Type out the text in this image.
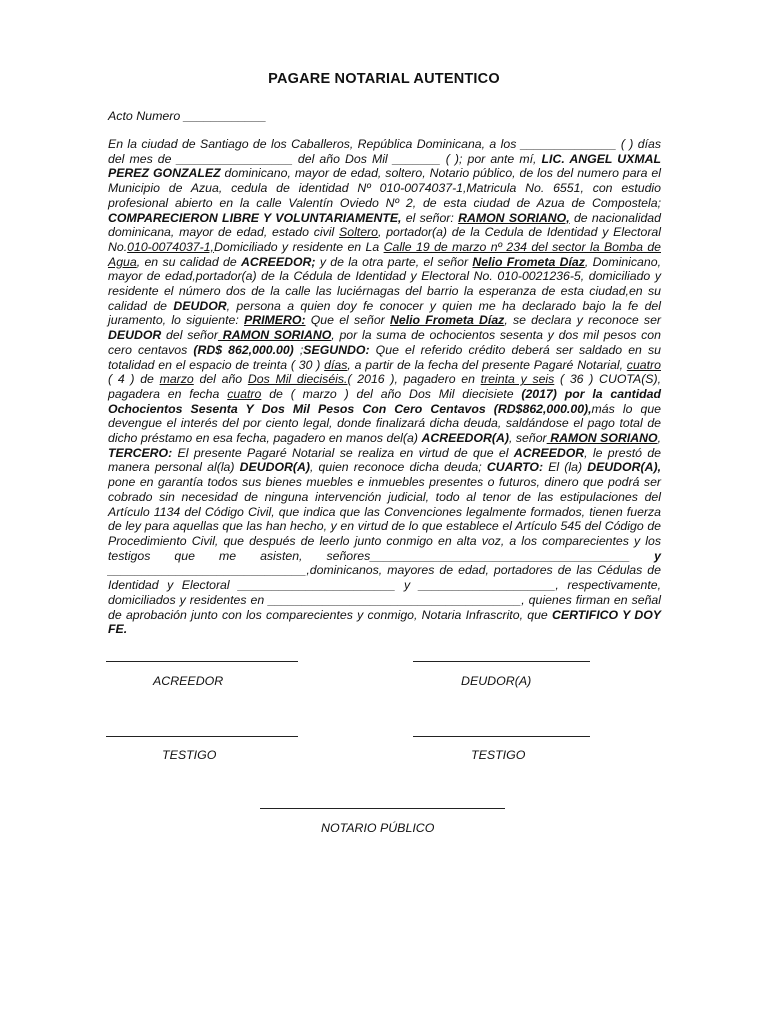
PAGARE NOTARIAL AUTENTICO
Acto Numero ____________
En la ciudad de Santiago de los Caballeros, República Dominicana, a los ______________ ( ) días del mes de _________________ del año Dos Mil _______ ( ); por ante mí, LIC. ANGEL UXMAL PEREZ GONZALEZ dominicano, mayor de edad, soltero, Notario público, de los del numero para el Municipio de Azua, cedula de identidad Nº 010-0074037-1,Matricula No. 6551, con estudio profesional abierto en la calle Valentín Oviedo Nº 2, de esta ciudad de Azua de Compostela; COMPARECIERON LIBRE Y VOLUNTARIAMENTE, el señor: RAMON SORIANO, de nacionalidad dominicana, mayor de edad, estado civil Soltero, portador(a) de la Cedula de Identidad y Electoral No.010-0074037-1,Domiciliado y residente en La Calle 19 de marzo nº 234 del sector la Bomba de Agua, en su calidad de ACREEDOR; y de la otra parte, el señor Nelio Frometa Díaz, Dominicano, mayor de edad,portador(a) de la Cédula de Identidad y Electoral No. 010-0021236-5, domiciliado y residente el número dos de la calle las luciérnagas del barrio la esperanza de esta ciudad,en su calidad de DEUDOR, persona a quien doy fe conocer y quien me ha declarado bajo la fe del juramento, lo siguiente: PRIMERO: Que el señor Nelio Frometa Díaz, se declara y reconoce ser DEUDOR del señor RAMON SORIANO, por la suma de ochocientos sesenta y dos mil pesos con cero centavos (RD$ 862,000.00) ;SEGUNDO: Que el referido crédito deberá ser saldado en su totalidad en el espacio de treinta ( 30 ) días, a partir de la fecha del presente Pagaré Notarial, cuatro ( 4 ) de marzo del año Dos Mil dieciséis.( 2016 ), pagadero en treinta y seis ( 36 ) CUOTA(S), pagadera en fecha cuatro de ( marzo ) del año Dos Mil diecisiete (2017) por la cantidad Ochocientos Sesenta Y Dos Mil Pesos Con Cero Centavos (RD$862,000.00),más lo que devengue el interés del por ciento legal, donde finalizará dicha deuda, saldándose el pago total de dicho préstamo en esa fecha, pagadero en manos del(a) ACREEDOR(A), señor RAMON SORIANO, TERCERO: El presente Pagaré Notarial se realiza en virtud de que el ACREEDOR, le prestó de manera personal al(la) DEUDOR(A), quien reconoce dicha deuda; CUARTO: El (la) DEUDOR(A), pone en garantía todos sus bienes muebles e inmuebles presentes o futuros, dinero que podrá ser cobrado sin necesidad de ninguna intervención judicial, todo al tenor de las estipulaciones del Artículo 1134 del Código Civil, que indica que las Convenciones legalmente formados, tienen fuerza de ley para aquellas que las han hecho, y en virtud de lo que establece el Artículo 545 del Código de Procedimiento Civil, que después de leerlo junto conmigo en alta voz, a los comparecientes y los testigos que me asisten, señores______________________________________ y _____________________________,dominicanos, mayores de edad, portadores de las Cédulas de Identidad y Electoral _______________________ y ____________________, respectivamente, domiciliados y residentes en _____________________________________, quienes firman en señal de aprobación junto con los comparecientes y conmigo, Notaria Infrascrito, que CERTIFICO Y DOY FE.
ACREEDOR	DEUDOR(A)
TESTIGO	TESTIGO
NOTARIO PÚBLICO
